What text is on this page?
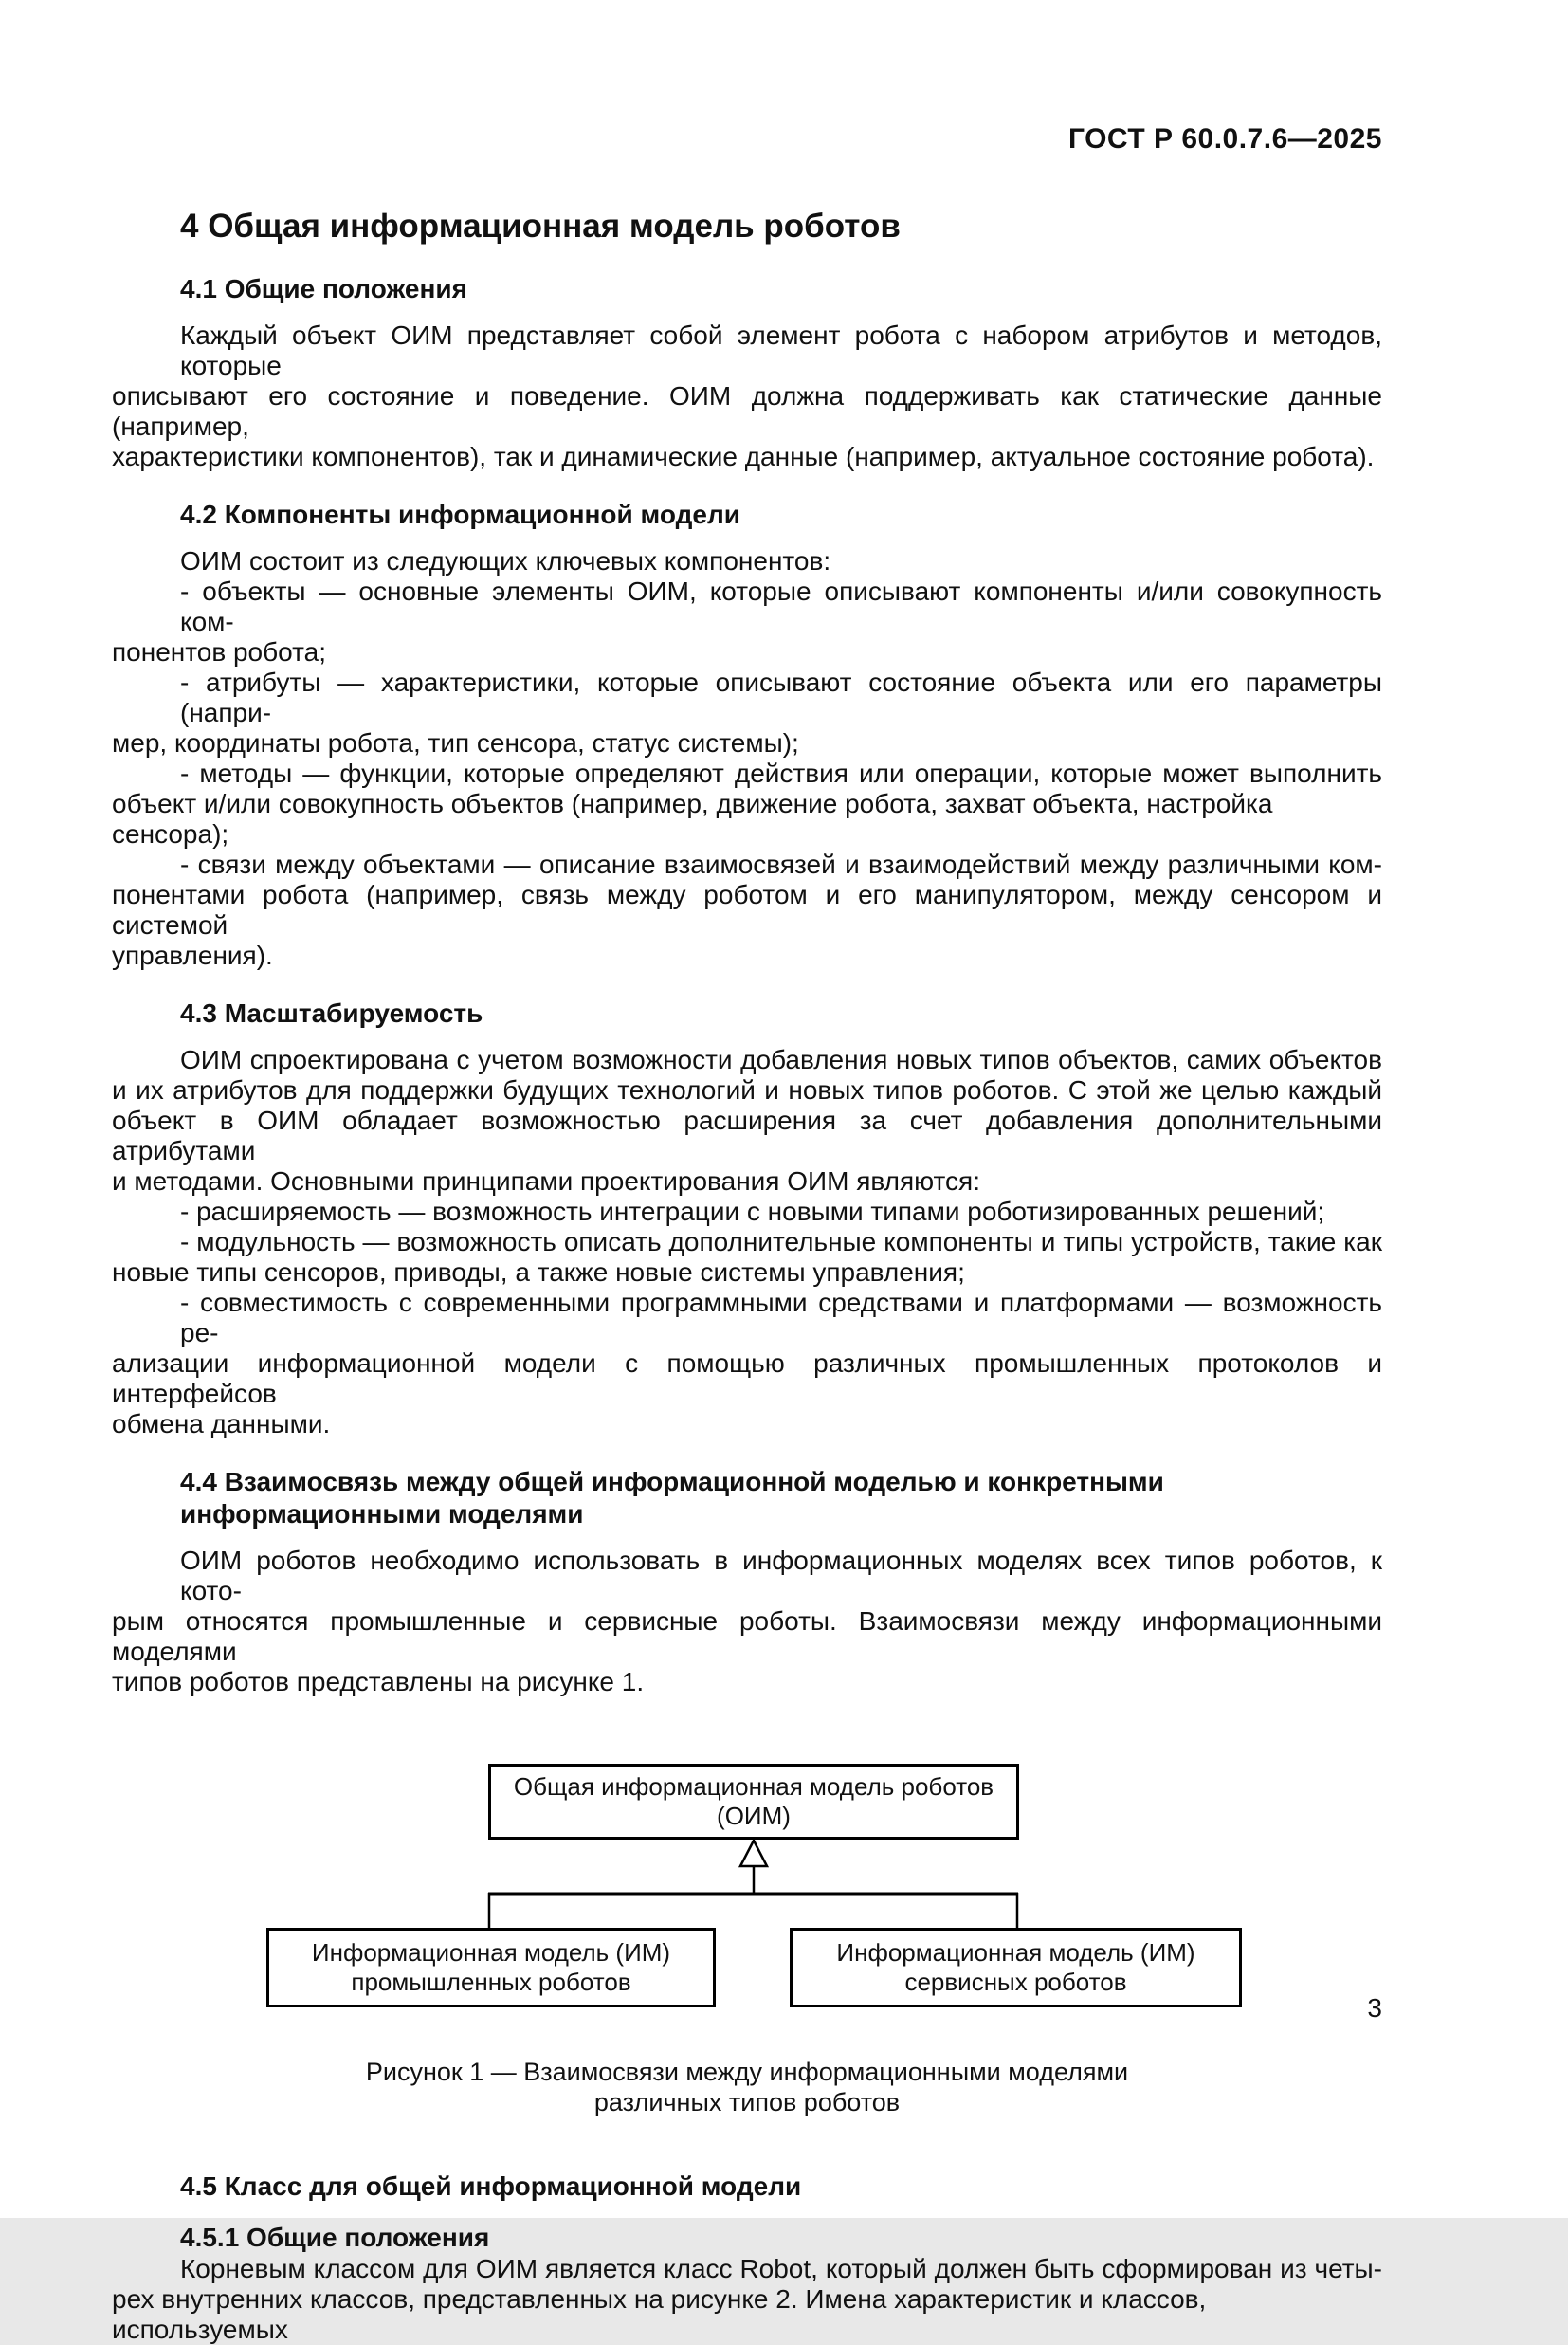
ГОСТ Р 60.0.7.6—2025
4 Общая информационная модель роботов
4.1 Общие положения
Каждый объект ОИМ представляет собой элемент робота с набором атрибутов и методов, которые
описывают его состояние и поведение. ОИМ должна поддерживать как статические данные (например,
характеристики компонентов), так и динамические данные (например, актуальное состояние робота).
4.2 Компоненты информационной модели
ОИМ состоит из следующих ключевых компонентов:
- объекты — основные элементы ОИМ, которые описывают компоненты и/или совокупность ком-
понентов робота;
- атрибуты — характеристики, которые описывают состояние объекта или его параметры (напри-
мер, координаты робота, тип сенсора, статус системы);
- методы — функции, которые определяют действия или операции, которые может выполнить
объект и/или совокупность объектов (например, движение робота, захват объекта, настройка сенсора);
- связи между объектами — описание взаимосвязей и взаимодействий между различными ком-
понентами робота (например, связь между роботом и его манипулятором, между сенсором и системой
управления).
4.3 Масштабируемость
ОИМ спроектирована с учетом возможности добавления новых типов объектов, самих объектов
и их атрибутов для поддержки будущих технологий и новых типов роботов. С этой же целью каждый
объект в ОИМ обладает возможностью расширения за счет добавления дополнительными атрибутами
и методами. Основными принципами проектирования ОИМ являются:
- расширяемость — возможность интеграции с новыми типами роботизированных решений;
- модульность — возможность описать дополнительные компоненты и типы устройств, такие как
новые типы сенсоров, приводы, а также новые системы управления;
- совместимость с современными программными средствами и платформами — возможность ре-
ализации информационной модели с помощью различных промышленных протоколов и интерфейсов
обмена данными.
4.4 Взаимосвязь между общей информационной моделью и конкретными
информационными моделями
ОИМ роботов необходимо использовать в информационных моделях всех типов роботов, к кото-
рым относятся промышленные и сервисные роботы. Взаимосвязи между информационными моделями
типов роботов представлены на рисунке 1.
Общая информационная модель роботов (ОИМ)
Информационная модель (ИМ)
промышленных роботов
Информационная модель (ИМ)
сервисных роботов
Рисунок 1 — Взаимосвязи между информационными моделями
различных типов роботов
4.5 Класс для общей информационной модели
4.5.1 Общие положения
Корневым классом для ОИМ является класс Robot, который должен быть сформирован из четы-
рех внутренних классов, представленных на рисунке 2. Имена характеристик и классов, используемых
3
